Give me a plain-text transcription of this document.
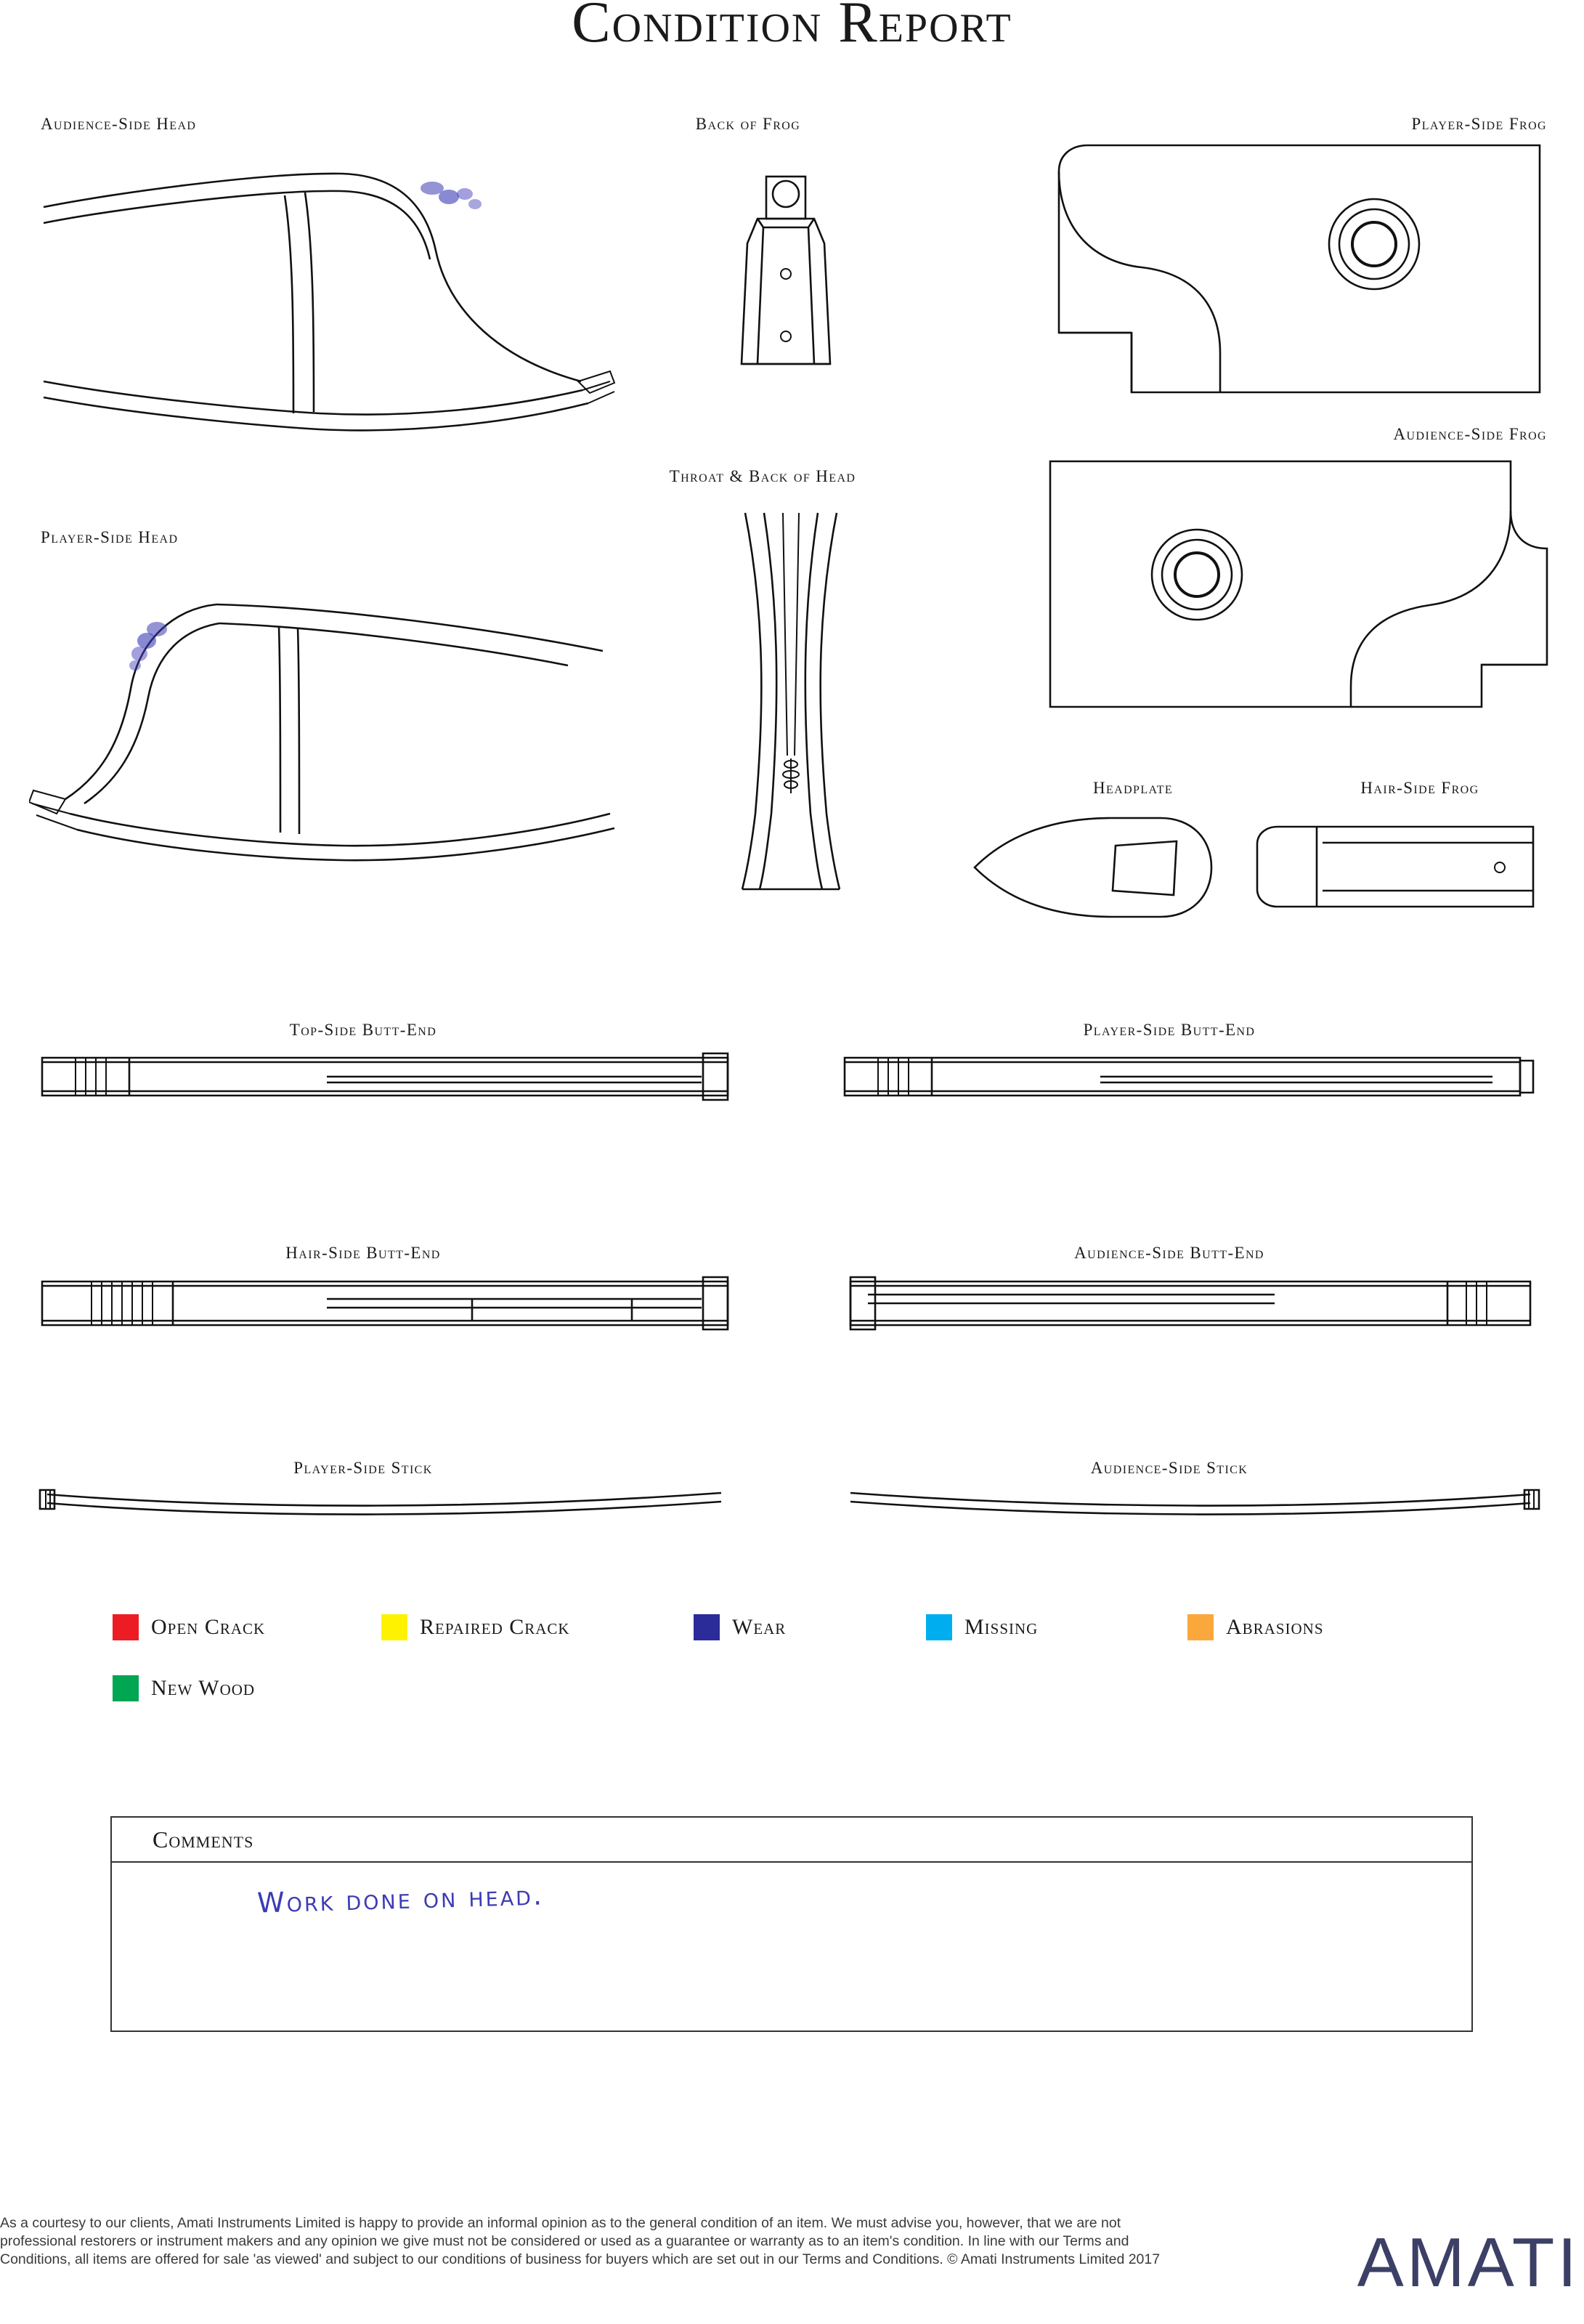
Condition Report
Audience-Side Head	Back of Frog	Player-Side Frog
Player-Side Head
Throat & Back of Head
Audience-Side Frog
Headplate	Hair-Side Frog
Top-Side Butt-End	Player-Side Butt-End
Hair-Side Butt-End	Audience-Side Butt-End
Player-Side Stick	Audience-Side Stick
Open Crack	Repaired Crack	Wear	Missing	Abrasions
New Wood
Comments
Work done on head.
As a courtesy to our clients, Amati Instruments Limited is happy to provide an informal opinion as to the general condition of an item. We must advise you, however, that we are not professional restorers or instrument makers and any opinion we give must not be considered or used as a guarantee or warranty as to an item's condition. In line with our Terms and Conditions, all items are offered for sale 'as viewed' and subject to our conditions of business for buyers which are set out in our Terms and Conditions. © Amati Instruments Limited 2017	AMATI
